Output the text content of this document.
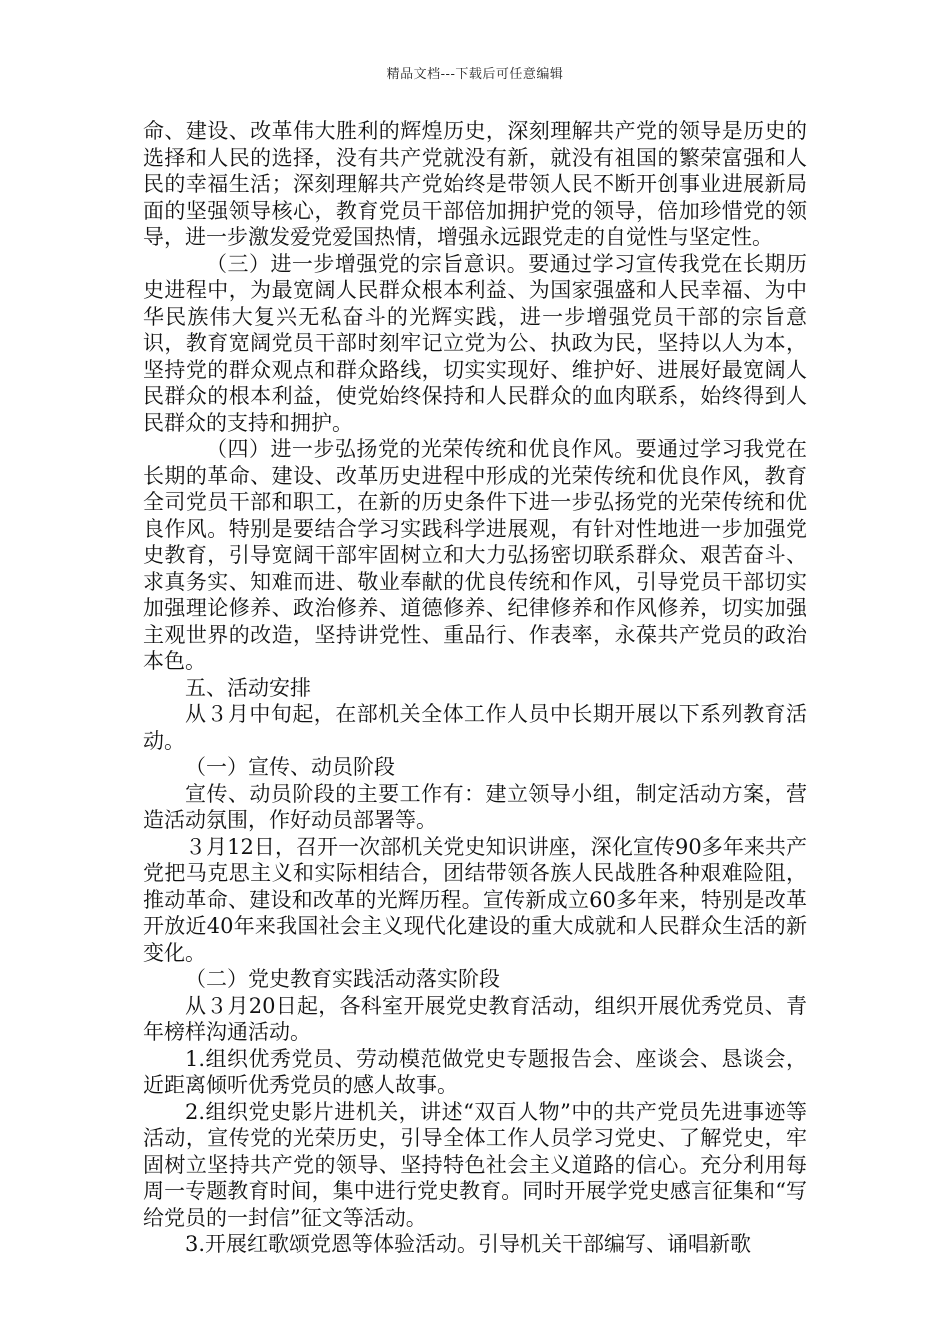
精品文档---下载后可任意编辑

命、建设、改革伟大胜利的辉煌历史，深刻理解共产党的领导是历史的选择和人民的选择，没有共产党就没有新，就没有祖国的繁荣富强和人民的幸福生活；深刻理解共产党始终是带领人民不断开创事业进展新局面的坚强领导核心，教育党员干部倍加拥护党的领导，倍加珍惜党的领导，进一步激发爱党爱国热情，增强永远跟党走的自觉性与坚定性。

（三）进一步增强党的宗旨意识。要通过学习宣传我党在长期历史进程中，为最宽阔人民群众根本利益、为国家强盛和人民幸福、为中华民族伟大复兴无私奋斗的光辉实践，进一步增强党员干部的宗旨意识，教育宽阔党员干部时刻牢记立党为公、执政为民，坚持以人为本，坚持党的群众观点和群众路线，切实实现好、维护好、进展好最宽阔人民群众的根本利益，使党始终保持和人民群众的血肉联系，始终得到人民群众的支持和拥护。

（四）进一步弘扬党的光荣传统和优良作风。要通过学习我党在长期的革命、建设、改革历史进程中形成的光荣传统和优良作风，教育全司党员干部和职工，在新的历史条件下进一步弘扬党的光荣传统和优良作风。特别是要结合学习实践科学进展观，有针对性地进一步加强党史教育，引导宽阔干部牢固树立和大力弘扬密切联系群众、艰苦奋斗、求真务实、知难而进、敬业奉献的优良传统和作风，引导党员干部切实加强理论修养、政治修养、道德修养、纪律修养和作风修养，切实加强主观世界的改造，坚持讲党性、重品行、作表率，永葆共产党员的政治本色。

五、活动安排

从３月中旬起，在部机关全体工作人员中长期开展以下系列教育活动。

（一）宣传、动员阶段

宣传、动员阶段的主要工作有：建立领导小组，制定活动方案，营造活动氛围，作好动员部署等。

３月12日，召开一次部机关党史知识讲座，深化宣传90多年来共产党把马克思主义和实际相结合，团结带领各族人民战胜各种艰难险阻，推动革命、建设和改革的光辉历程。宣传新成立60多年来，特别是改革开放近40年来我国社会主义现代化建设的重大成就和人民群众生活的新变化。

（二）党史教育实践活动落实阶段

从３月20日起，各科室开展党史教育活动，组织开展优秀党员、青年榜样沟通活动。

1.组织优秀党员、劳动模范做党史专题报告会、座谈会、恳谈会，近距离倾听优秀党员的感人故事。

2.组织党史影片进机关，讲述“双百人物”中的共产党员先进事迹等活动，宣传党的光荣历史，引导全体工作人员学习党史、了解党史，牢固树立坚持共产党的领导、坚持特色社会主义道路的信心。充分利用每周一专题教育时间，集中进行党史教育。同时开展学党史感言征集和“写给党员的一封信”征文等活动。

3.开展红歌颂党恩等体验活动。引导机关干部编写、诵唱新歌
